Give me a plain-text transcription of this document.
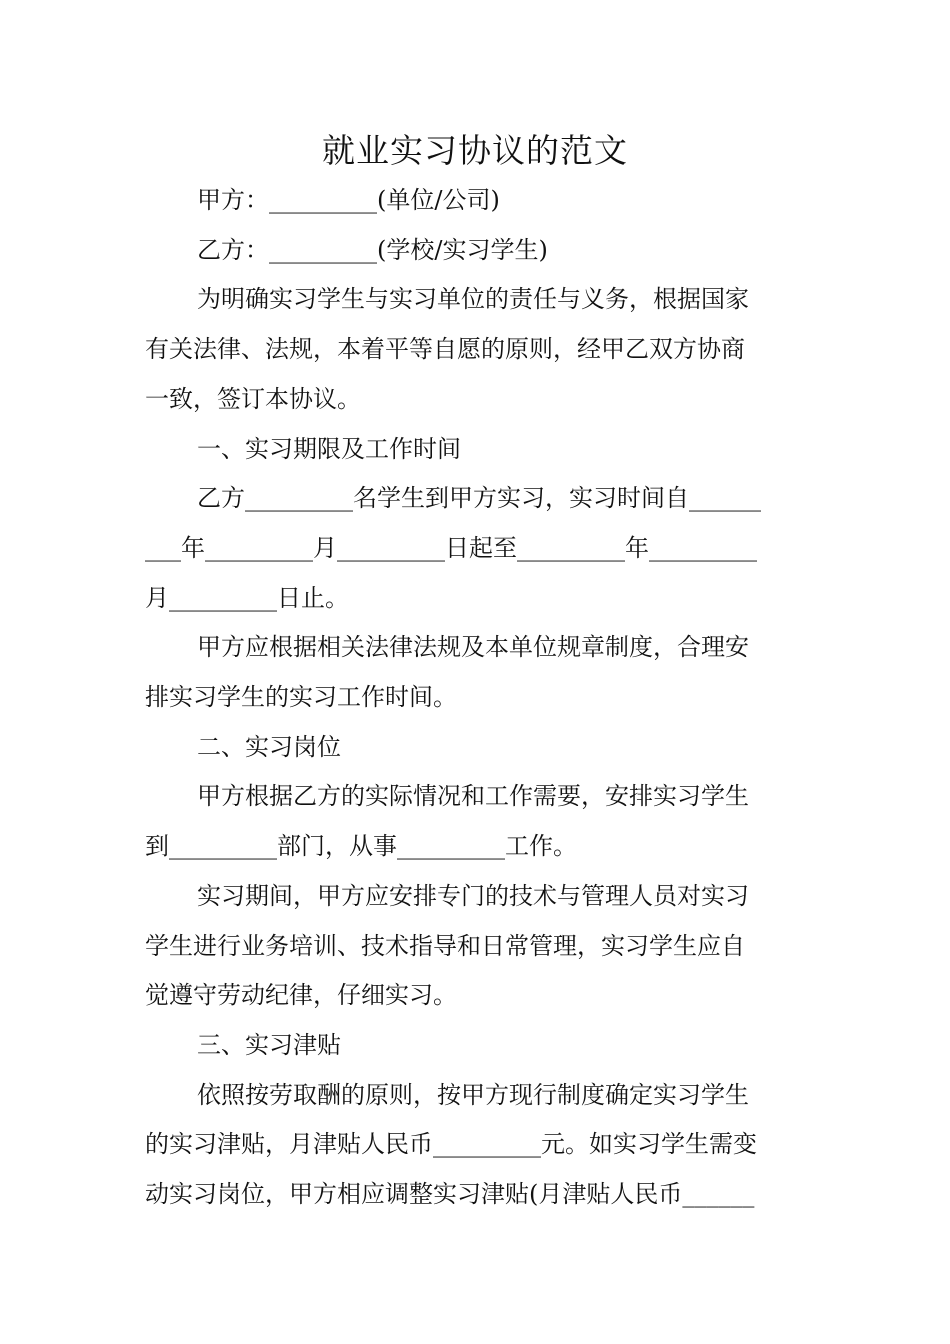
就业实习协议的范文
甲方：_________(单位/公司)
乙方：_________(学校/实习学生)
为明确实习学生与实习单位的责任与义务，根据国家
有关法律、法规，本着平等自愿的原则，经甲乙双方协商
一致，签订本协议。
一、实习期限及工作时间
乙方_________名学生到甲方实习，实习时间自______
___年_________月_________日起至_________年_________
月_________日止。
甲方应根据相关法律法规及本单位规章制度，合理安
排实习学生的实习工作时间。
二、实习岗位
甲方根据乙方的实际情况和工作需要，安排实习学生
到_________部门，从事_________工作。
实习期间，甲方应安排专门的技术与管理人员对实习
学生进行业务培训、技术指导和日常管理，实习学生应自
觉遵守劳动纪律，仔细实习。
三、实习津贴
依照按劳取酬的原则，按甲方现行制度确定实习学生
的实习津贴，月津贴人民币_________元。如实习学生需变
动实习岗位，甲方相应调整实习津贴(月津贴人民币______
